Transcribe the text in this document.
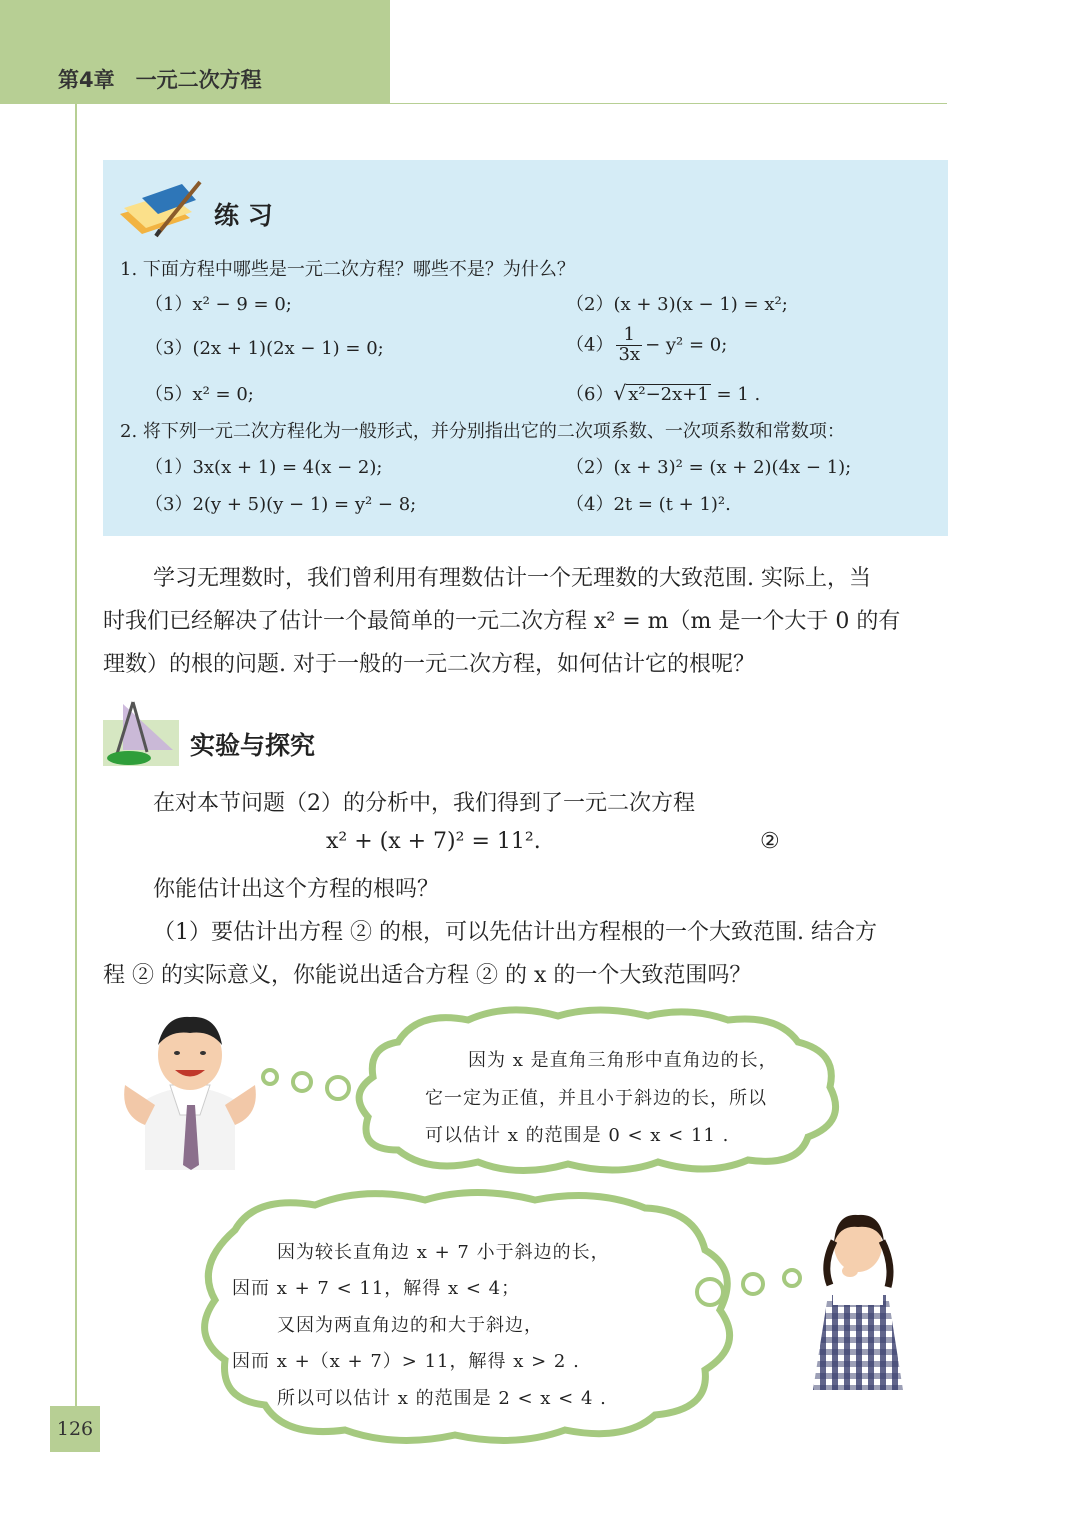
第4章　一元二次方程
练 习
1. 下面方程中哪些是一元二次方程？哪些不是？为什么？
（1）x² − 9 = 0;	（2）(x + 3)(x − 1) = x²;
（3）(2x + 1)(2x − 1) = 0;	$(4) \frac{1}{3x} - y^2 = 0$;
（5）x² = 0;	（6）√ x²−2x+1 = 1 .
2. 将下列一元二次方程化为一般形式，并分别指出它的二次项系数、一次项系数和常数项：
（1）3x(x + 1) = 4(x − 2);	（2）(x + 3)² = (x + 2)(4x − 1);
（3）2(y + 5)(y − 1) = y² − 8;	（4）2t = (t + 1)².
学习无理数时，我们曾利用有理数估计一个无理数的大致范围. 实际上，当
时我们已经解决了估计一个最简单的一元二次方程 x² = m（m 是一个大于 0 的有
理数）的根的问题. 对于一般的一元二次方程，如何估计它的根呢？
实验与探究
在对本节问题（2）的分析中，我们得到了一元二次方程
x² + (x + 7)² = 11².	②
你能估计出这个方程的根吗？
（1）要估计出方程 ② 的根，可以先估计出方程根的一个大致范围. 结合方
程 ② 的实际意义，你能说出适合方程 ② 的 x 的一个大致范围吗？
因为 x 是直角三角形中直角边的长，
它一定为正值，并且小于斜边的长，所以
可以估计 x 的范围是 0 < x < 11 .
因为较长直角边 x + 7 小于斜边的长，
因而 x + 7 < 11，解得 x < 4；
又因为两直角边的和大于斜边，
因而 x +（x + 7）> 11，解得 x > 2 .
所以可以估计 x 的范围是 2 < x < 4 .
126
